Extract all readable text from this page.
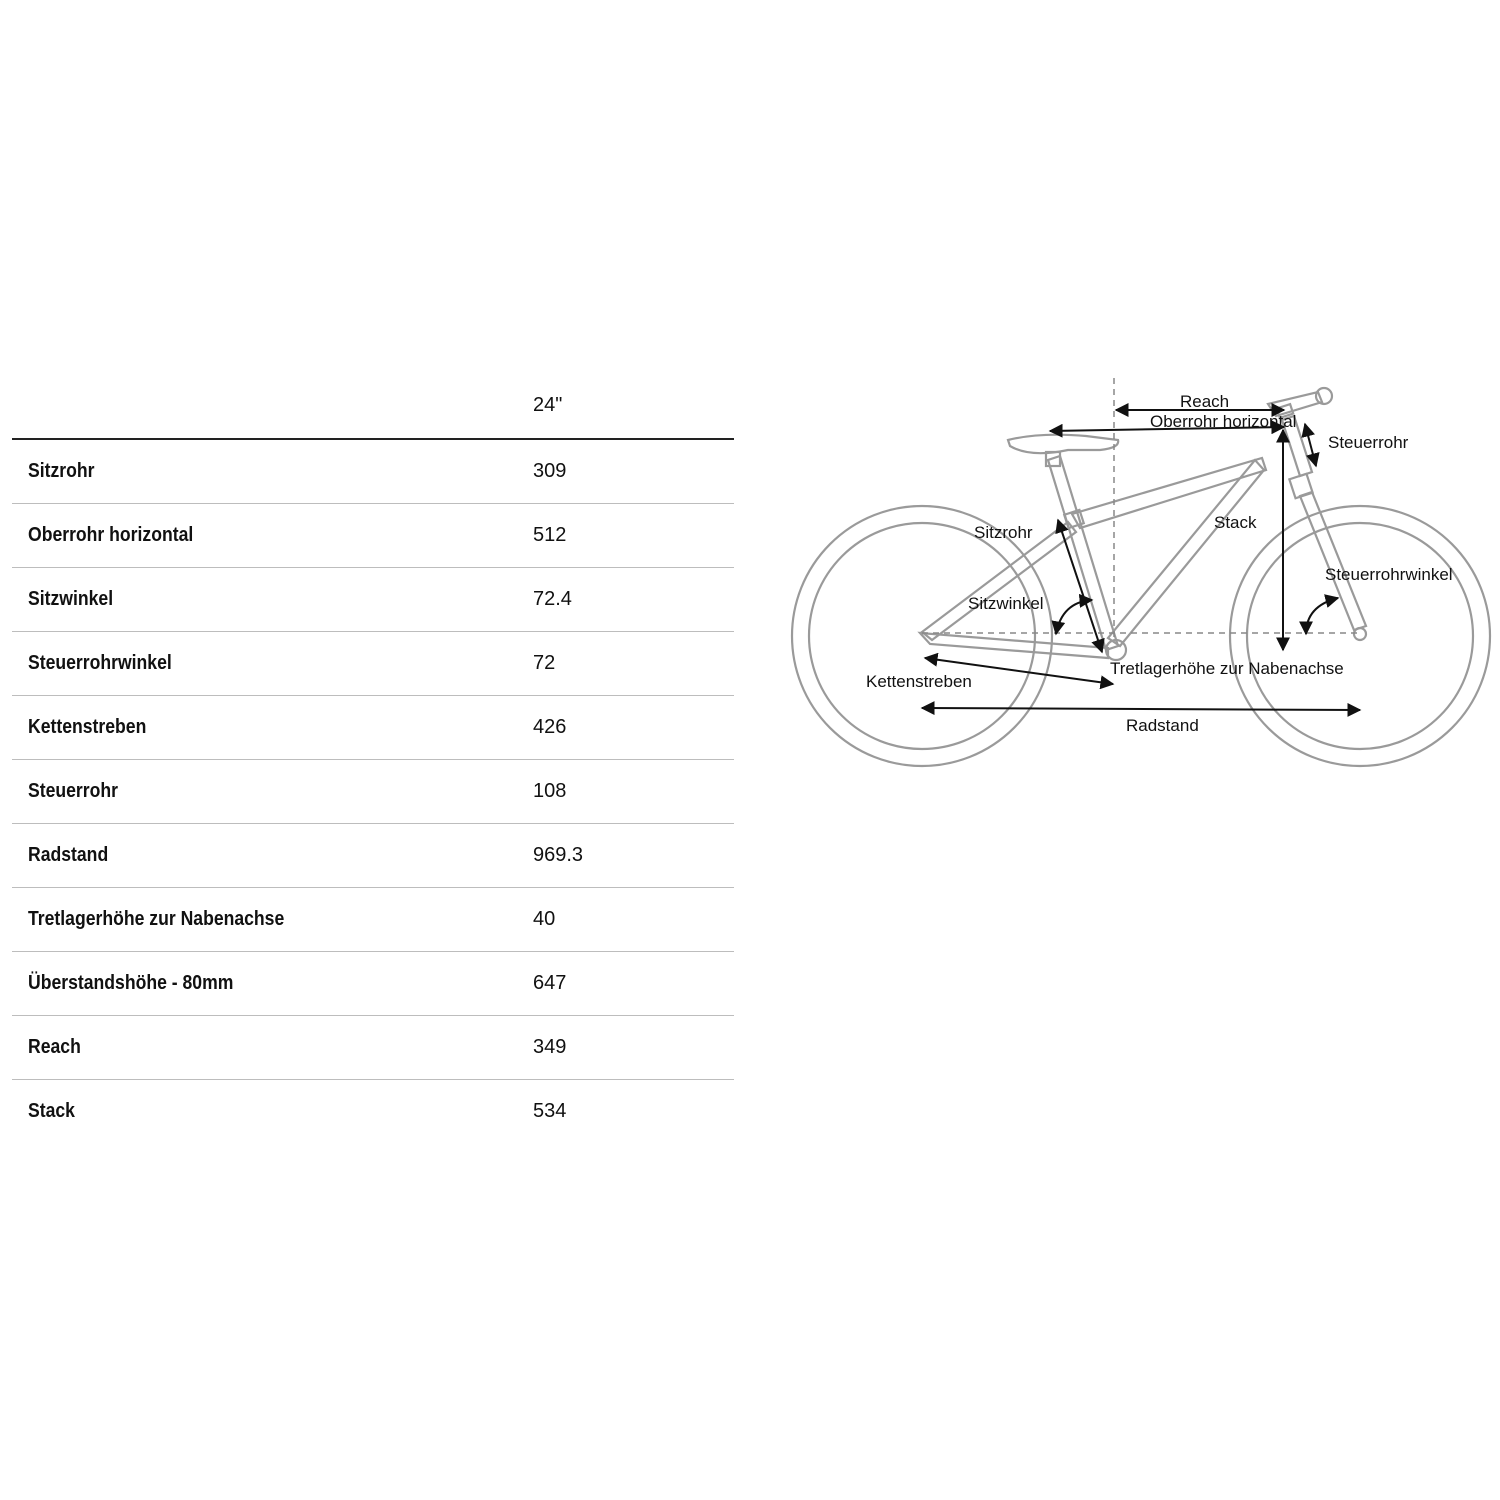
24"
Sitzrohr	309
Oberrohr horizontal	512
Sitzwinkel	72.4
Steuerrohrwinkel	72
Kettenstreben	426
Steuerrohr	108
Radstand	969.3
Tretlagerhöhe zur Nabenachse	40
Überstandshöhe - 80mm	647
Reach	349
Stack	534
Reach
Oberrohr horizontal
Steuerrohr
Sitzrohr
Stack
Steuerrohrwinkel
Sitzwinkel
Tretlagerhöhe zur Nabenachse
Kettenstreben
Radstand
